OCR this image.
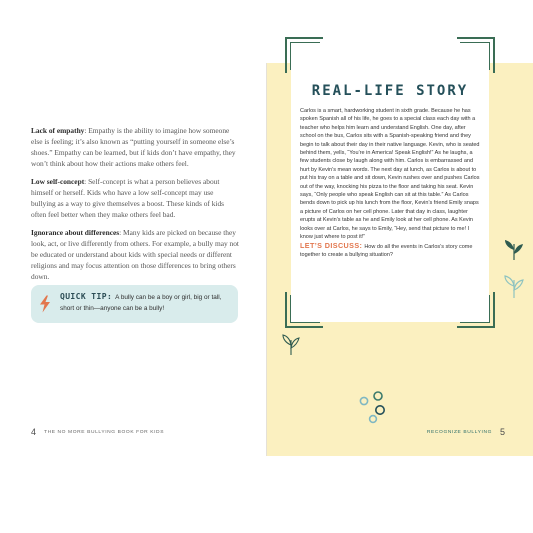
Lack of empathy: Empathy is the ability to imagine how someone else is feeling; it’s also known as “putting yourself in someone else’s shoes.” Empathy can be learned, but if kids don’t have empathy, they won’t think about how their actions make others feel.

Low self-concept: Self-concept is what a person believes about himself or herself. Kids who have a low self-concept may use bullying as a way to give themselves a boost. These kinds of kids often feel better when they make others feel bad.

Ignorance about differences: Many kids are picked on because they look, act, or live differently from others. For example, a bully may not be educated or understand about kids with special needs or different religions and may focus attention on those differences to bring others down.

QUICK TIP: A bully can be a boy or girl, big or tall, short or thin—anyone can be a bully!
4 THE NO MORE BULLYING BOOK FOR KIDS	RECOGNIZE BULLYING 5
REAL-LIFE STORY

Carlos is a smart, hardworking student in sixth grade. Because he has spoken Spanish all of his life, he goes to a special class each day with a teacher who helps him learn and understand English. One day, after school on the bus, Carlos sits with a Spanish-speaking friend and they begin to talk about their day in their native language. Kevin, who is seated behind them, yells, “You’re in America! Speak English!” As he laughs, a few students close by laugh along with him. Carlos is embarrassed and hurt by Kevin’s mean words. The next day at lunch, as Carlos is about to put his tray on a table and sit down, Kevin rushes over and pushes Carlos out of the way, knocking his pizza to the floor and taking his seat. Kevin says, “Only people who speak English can sit at this table.” As Carlos bends down to pick up his lunch from the floor, Kevin’s friend Emily snaps a picture of Carlos on her cell phone. Later that day in class, laughter erupts at Kevin’s table as he and Emily look at her cell phone. As Kevin looks over at Carlos, he says to Emily, “Hey, send that picture to me! I know just where to post it!”

LET’S DISCUSS: How do all the events in Carlos’s story come together to create a bullying situation?
